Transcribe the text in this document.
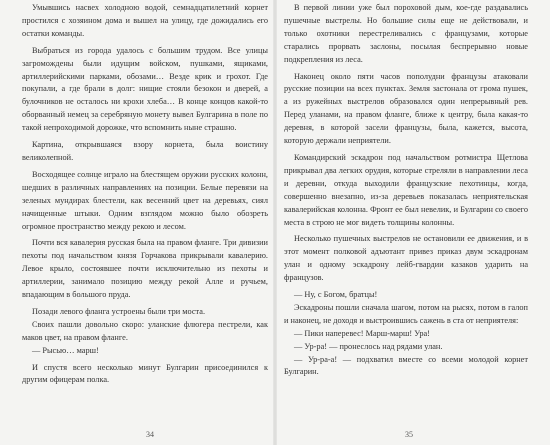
Умывшись насвех холодною водой, семнадцатилетний корнет простился с хозяином дома и вышел на улицу, где дожидались его остатки команды.

Выбраться из города удалось с большим трудом. Все улицы загромождены были идущим войском, пушками, ящиками, артиллерийскими парками, обозами… Везде крик и грохот. Где покупали, а где брали в долг: нищие стояли безокон и дверей, а булочников не осталось ни крохи хлеба… В конце концов какой-то оборванный немец за серебряную монету вывел Булгарина в поле по такой непроходимой дорожке, что вспомнить ныне страшно.

Картина, открывшаяся взору корнета, была воистину великолепной.

Восходящее солнце играло на блестящем оружии русских колонн, шедших в различных направлениях на позиции. Белые перевязи на зеленых мундирах блестели, как весенний цвет на деревьях, сиял начищенные штыки. Одним взглядом можно было обозреть огромное пространство между рекою и лесом.

Почти вся кавалерия русская была на правом фланге. Три дивизии пехоты под начальством князя Горчакова прикрывали кавалерию. Левое крыло, состоявшее почти исключительно из пехоты и артиллерии, занимало позицию между рекой Алле и ручьем, впадающим в большого пруда.

Позади левого фланга устроены были три моста.

Своих пашли довольно скоро: уланские флюгера пестрели, как маков цвет, на правом фланге.

— Рысью… марш!

И спустя всего несколько минут Булгарин присоединился к другим офицерам полка.

34

В первой линии уже был пороховой дым, кое-где раздавались пушечные выстрелы. Но большие силы еще не действовали, и только охотники перестреливались с французами, которые старались прорвать заслоны, посылая беспрерывно новые подкрепления из леса.

Наконец около пяти часов пополудни французы атаковали русские позиции на всех пунктах. Земля застонала от грома пушек, а из ружейных выстрелов образовался один непрерывный рев. Перед уланами, на правом фланге, ближе к центру, была какая-то деревня, в которой засели французы, была, кажется, высота, которую держали неприятели.

Командирский эскадрон под начальством ротмистра Щетлова прикрывал два легких орудия, которые стреляли в направлении леса и деревни, откуда выходили французские пехотинцы, когда, совершенно внезапно, из-за деревьев показалась неприятельская кавалерийская колонна. Фронт ее был невелик, и Булгарин со своего места в строю не мог видеть толщины колонны.

Несколько пушечных выстрелов не остановили ее движения, и в этот момент полковой адъютант привез приказ двум эскадронам улан и одному эскадрону лейб-гвардии казаков ударить на французов.

— Ну, с Богом, братцы!

Эскадроны пошли сначала шагом, потом на рысях, потом в галоп и наконец, не доходя и выстроившись сажень в ста от неприятеля:

— Пики наперевес! Марш-марш! Ура!

— Ур-ра! — пронеслось над рядами улан.

— Ур-ра-а! — подхватил вместе со всеми молодой корнет Булгарин.

35
